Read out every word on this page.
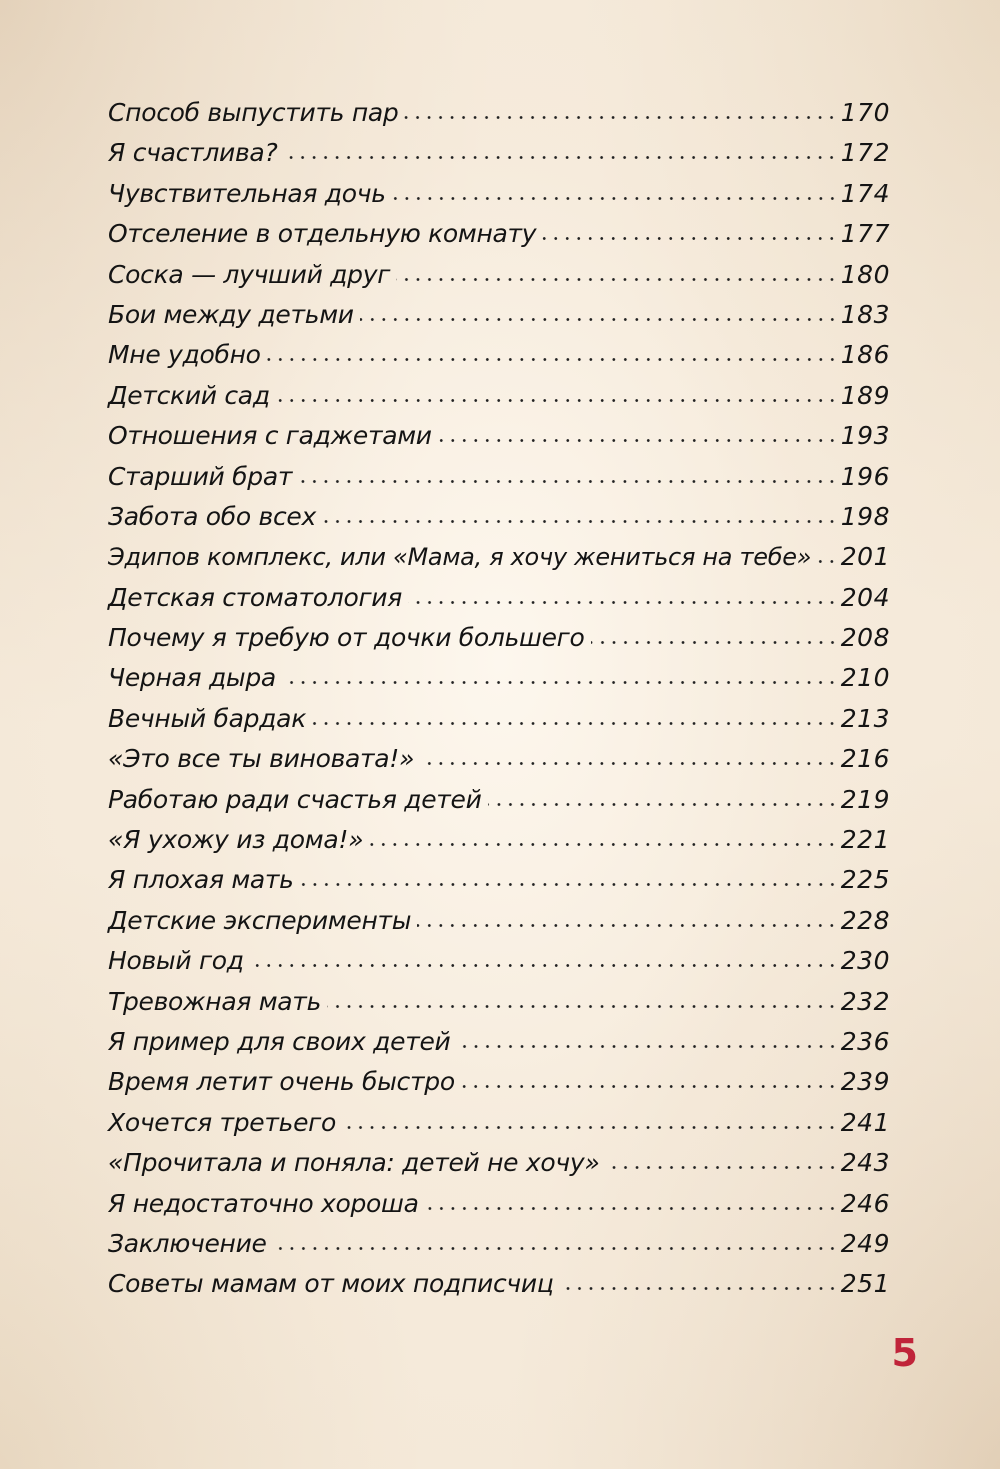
Способ выпустить пар	170
Я счастлива?	172
Чувствительная дочь	174
Отселение в отдельную комнату	177
Соска — лучший друг	180
Бои между детьми	183
Мне удобно	186
Детский сад	189
Отношения с гаджетами	193
Старший брат	196
Забота обо всех	198
Эдипов комплекс, или «Мама, я хочу жениться на тебе» 201
Детская стоматология	204
Почему я требую от дочки большего	208
Черная дыра	210
Вечный бардак	213
«Это все ты виновата!»	216
Работаю ради счастья детей	219
«Я ухожу из дома!»	221
Я плохая мать	225
Детские эксперименты	228
Новый год	230
Тревожная мать	232
Я пример для своих детей	236
Время летит очень быстро	239
Хочется третьего	241
«Прочитала и поняла: детей не хочу»	243
Я недостаточно хороша	246
Заключение	249
Советы мамам от моих подписчиц	251
5
